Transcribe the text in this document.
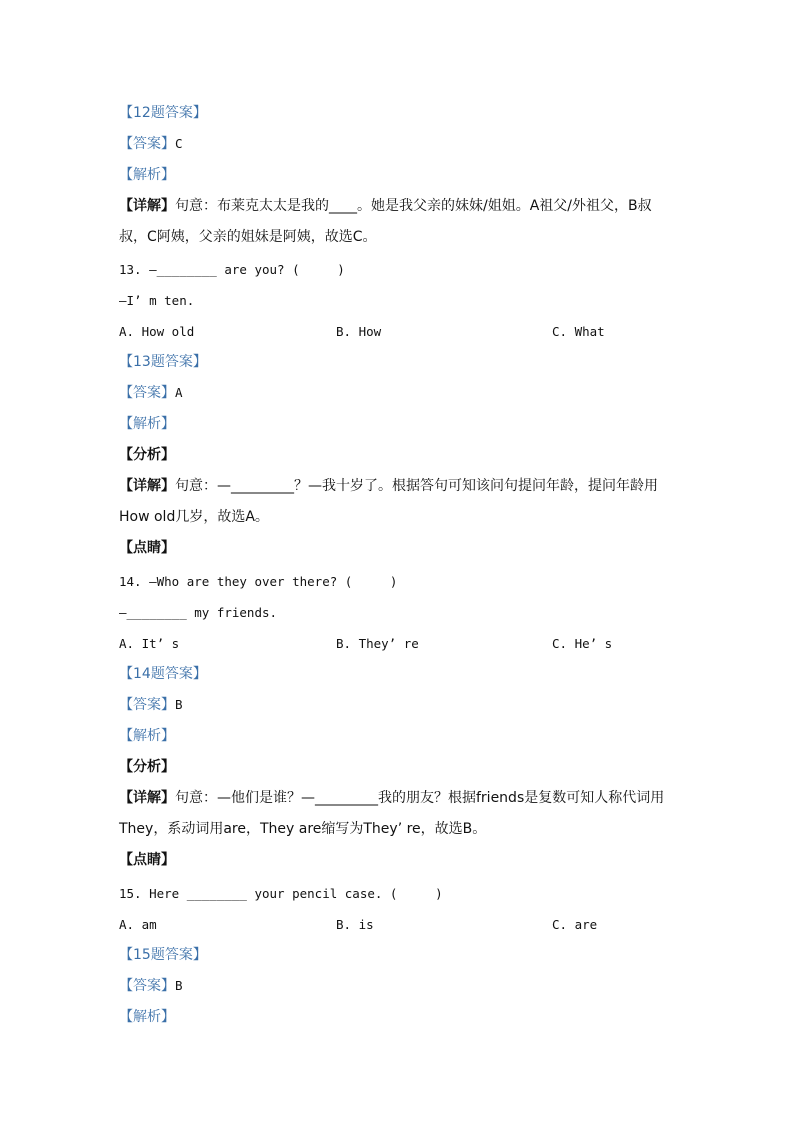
【12题答案】
【答案】C
【解析】
【详解】句意：布莱克太太是我的____。她是我父亲的妹妹/姐姐。A祖父/外祖父，B叔
叔，C阿姨，父亲的姐妹是阿姨，故选C。
13. —________ are you? (     )
—I’ m ten.
A. How old	B. How	C. What
【13题答案】
【答案】A
【解析】
【分析】
【详解】句意：—_________？—我十岁了。根据答句可知该问句提问年龄，提问年龄用
How old几岁，故选A。
【点睛】
14. —Who are they over there? (     )
—________ my friends.
A. It’ s	B. They’ re	C. He’ s
【14题答案】
【答案】B
【解析】
【分析】
【详解】句意：—他们是谁？—_________我的朋友？根据friends是复数可知人称代词用
They，系动词用are，They are缩写为They’ re，故选B。
【点睛】
15. Here ________ your pencil case. (     )
A. am	B. is	C. are
【15题答案】
【答案】B
【解析】
